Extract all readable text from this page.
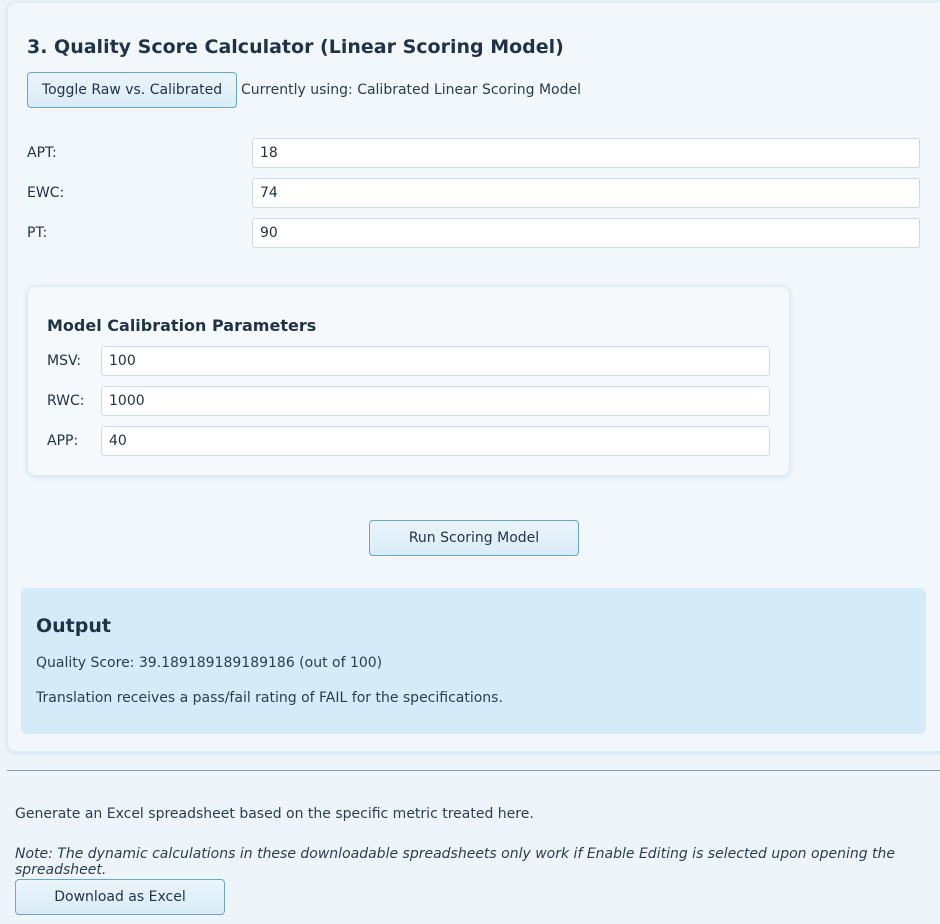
3. Quality Score Calculator (Linear Scoring Model)
Toggle Raw vs. Calibrated	Currently using: Calibrated Linear Scoring Model
APT:
18
EWC:
74
PT:
90
Model Calibration Parameters
MSV:
100
RWC:
1000
APP:
40
Run Scoring Model
Output
Quality Score: 39.189189189189186 (out of 100)
Translation receives a pass/fail rating of FAIL for the specifications.
Generate an Excel spreadsheet based on the specific metric treated here.
Note: The dynamic calculations in these downloadable spreadsheets only work if Enable Editing is selected upon opening the spreadsheet.
Download as Excel
